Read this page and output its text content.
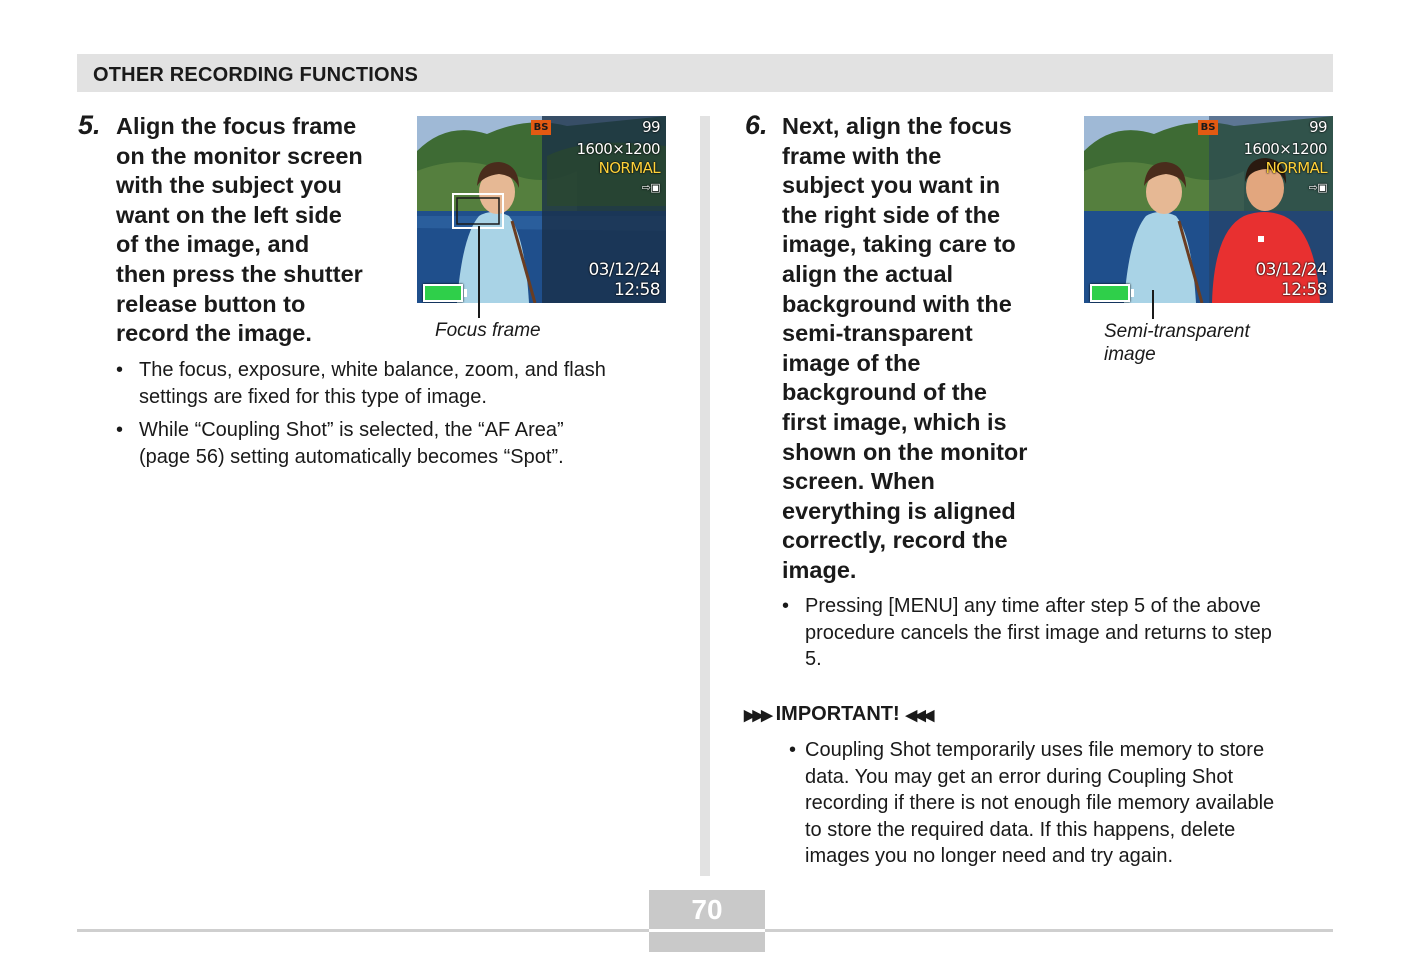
OTHER RECORDING FUNCTIONS
5. Align the focus frame
on the monitor screen
with the subject you
want on the left side
of the image, and
then press the shutter
release button to
record the image.
BS	99
1600×1200
NORMAL
⇨▣
03/12/24
12:58
Focus frame
• The focus, exposure, white balance, zoom, and flash
settings are fixed for this type of image.
• While “Coupling Shot” is selected, the “AF Area”
(page 56) setting automatically becomes “Spot”.
6. Next, align the focus
frame with the
subject you want in
the right side of the
image, taking care to
align the actual
background with the
semi-transparent
image of the
background of the
first image, which is
shown on the monitor
screen. When
everything is aligned
correctly, record the
image.
BS	99
1600×1200
NORMAL
⇨▣
03/12/24
12:58
Semi-transparent
image
• Pressing [MENU] any time after step 5 of the above
procedure cancels the first image and returns to step
5.
▶▶▶ IMPORTANT! ◀◀◀
• Coupling Shot temporarily uses file memory to store
data. You may get an error during Coupling Shot
recording if there is not enough file memory available
to store the required data. If this happens, delete
images you no longer need and try again.
70
